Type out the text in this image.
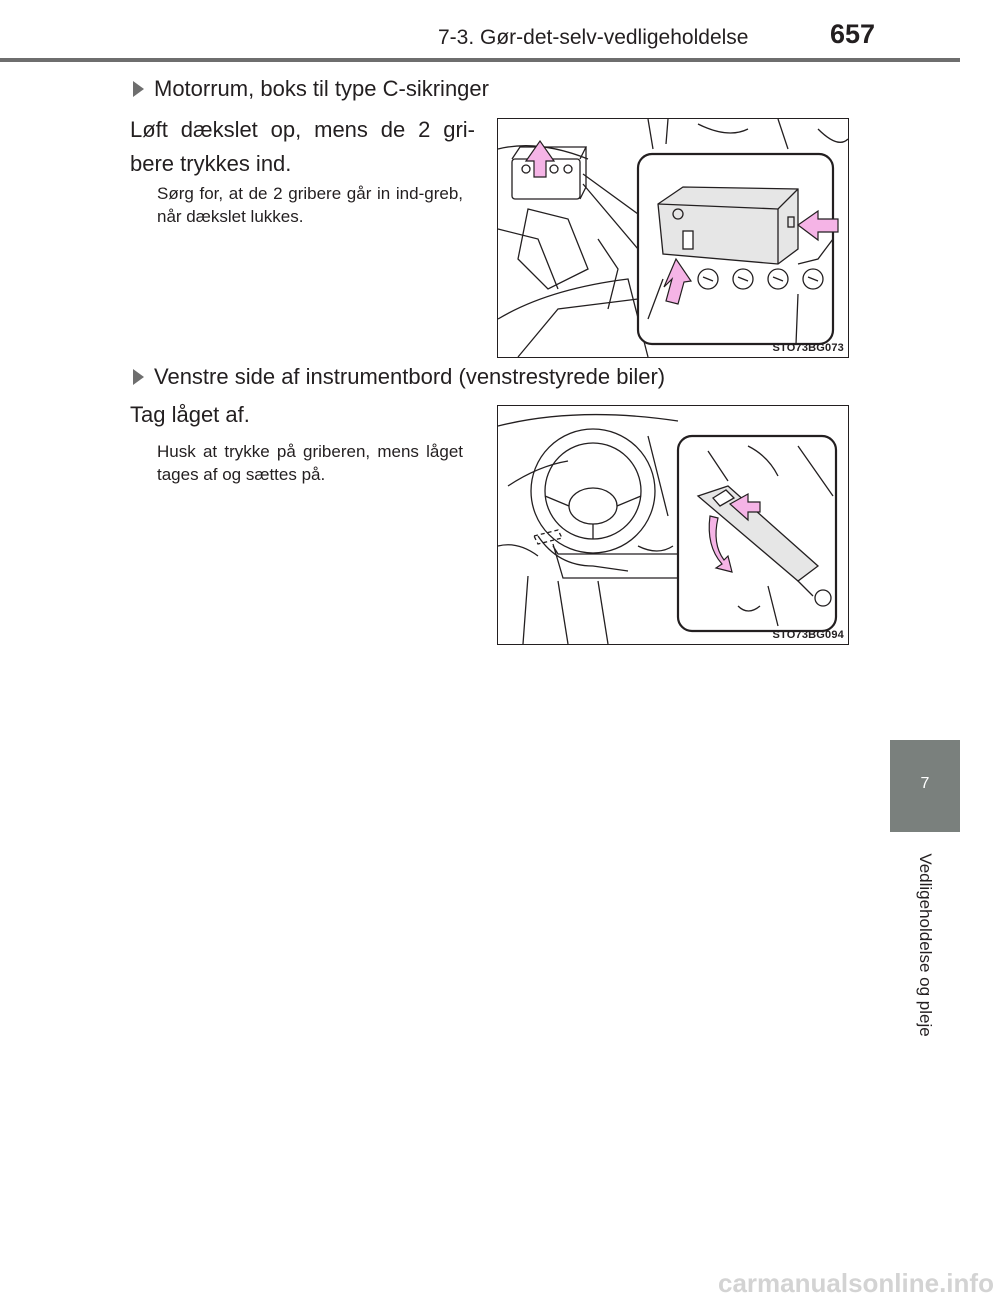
7-3. Gør-det-selv-vedligeholdelse	657
Motorrum, boks til type C-sikringer
Løft dækslet op, mens de 2 gri-bere trykkes ind.
Sørg for, at de 2 gribere går in ind-greb, når dækslet lukkes.
STO73BG073
Venstre side af instrumentbord (venstrestyrede biler)
Tag låget af.
Husk at trykke på griberen, mens låget tages af og sættes på.
STO73BG094
7
Vedligeholdelse og pleje
carmanualsonline.info
